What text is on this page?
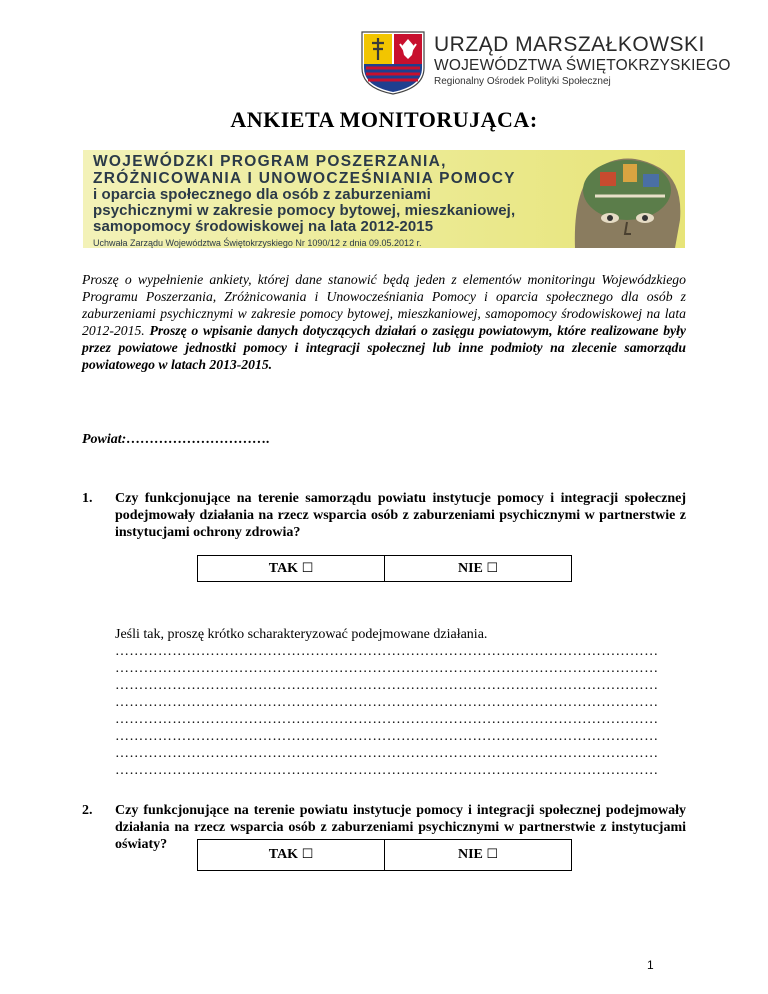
URZĄD MARSZAŁKOWSKI
WOJEWÓDZTWA ŚWIĘTOKRZYSKIEGO
Regionalny Ośrodek Polityki Społecznej
ANKIETA MONITORUJĄCA:
WOJEWÓDZKI PROGRAM POSZERZANIA,
ZRÓŻNICOWANIA I UNOWOCZEŚNIANIA POMOCY
i oparcia społecznego dla osób z zaburzeniami
psychicznymi w zakresie pomocy bytowej, mieszkaniowej,
samopomocy środowiskowej na lata 2012-2015
Uchwała Zarządu Województwa Świętokrzyskiego Nr 1090/12 z dnia 09.05.2012 r.
Proszę o wypełnienie ankiety, której dane stanowić będą jeden z elementów monitoringu Wojewódzkiego Programu Poszerzania, Zróżnicowania i Unowocześniania Pomocy i oparcia społecznego dla osób z zaburzeniami psychicznymi w zakresie pomocy bytowej, mieszkaniowej, samopomocy środowiskowej na lata 2012-2015. Proszę o wpisanie danych dotyczących działań o zasięgu powiatowym, które realizowane były przez powiatowe jednostki pomocy i integracji społecznej lub inne podmioty na zlecenie samorządu powiatowego w latach 2013-2015.
Powiat:………………………….
1. Czy funkcjonujące na terenie samorządu powiatu instytucje pomocy i integracji społecznej podejmowały działania na rzecz wsparcia osób z zaburzeniami psychicznymi w partnerstwie z instytucjami ochrony zdrowia?
TAK ☐	NIE ☐
Jeśli tak, proszę krótko scharakteryzować podejmowane działania.
……………………………………………………………………………………………………
……………………………………………………………………………………………………
……………………………………………………………………………………………………
……………………………………………………………………………………………………
……………………………………………………………………………………………………
……………………………………………………………………………………………………
……………………………………………………………………………………………………
……………………………………………………………………………………………………
2. Czy funkcjonujące na terenie powiatu instytucje pomocy i integracji społecznej podejmowały działania na rzecz wsparcia osób z zaburzeniami psychicznymi w partnerstwie z instytucjami oświaty?
TAK ☐	NIE ☐
1
